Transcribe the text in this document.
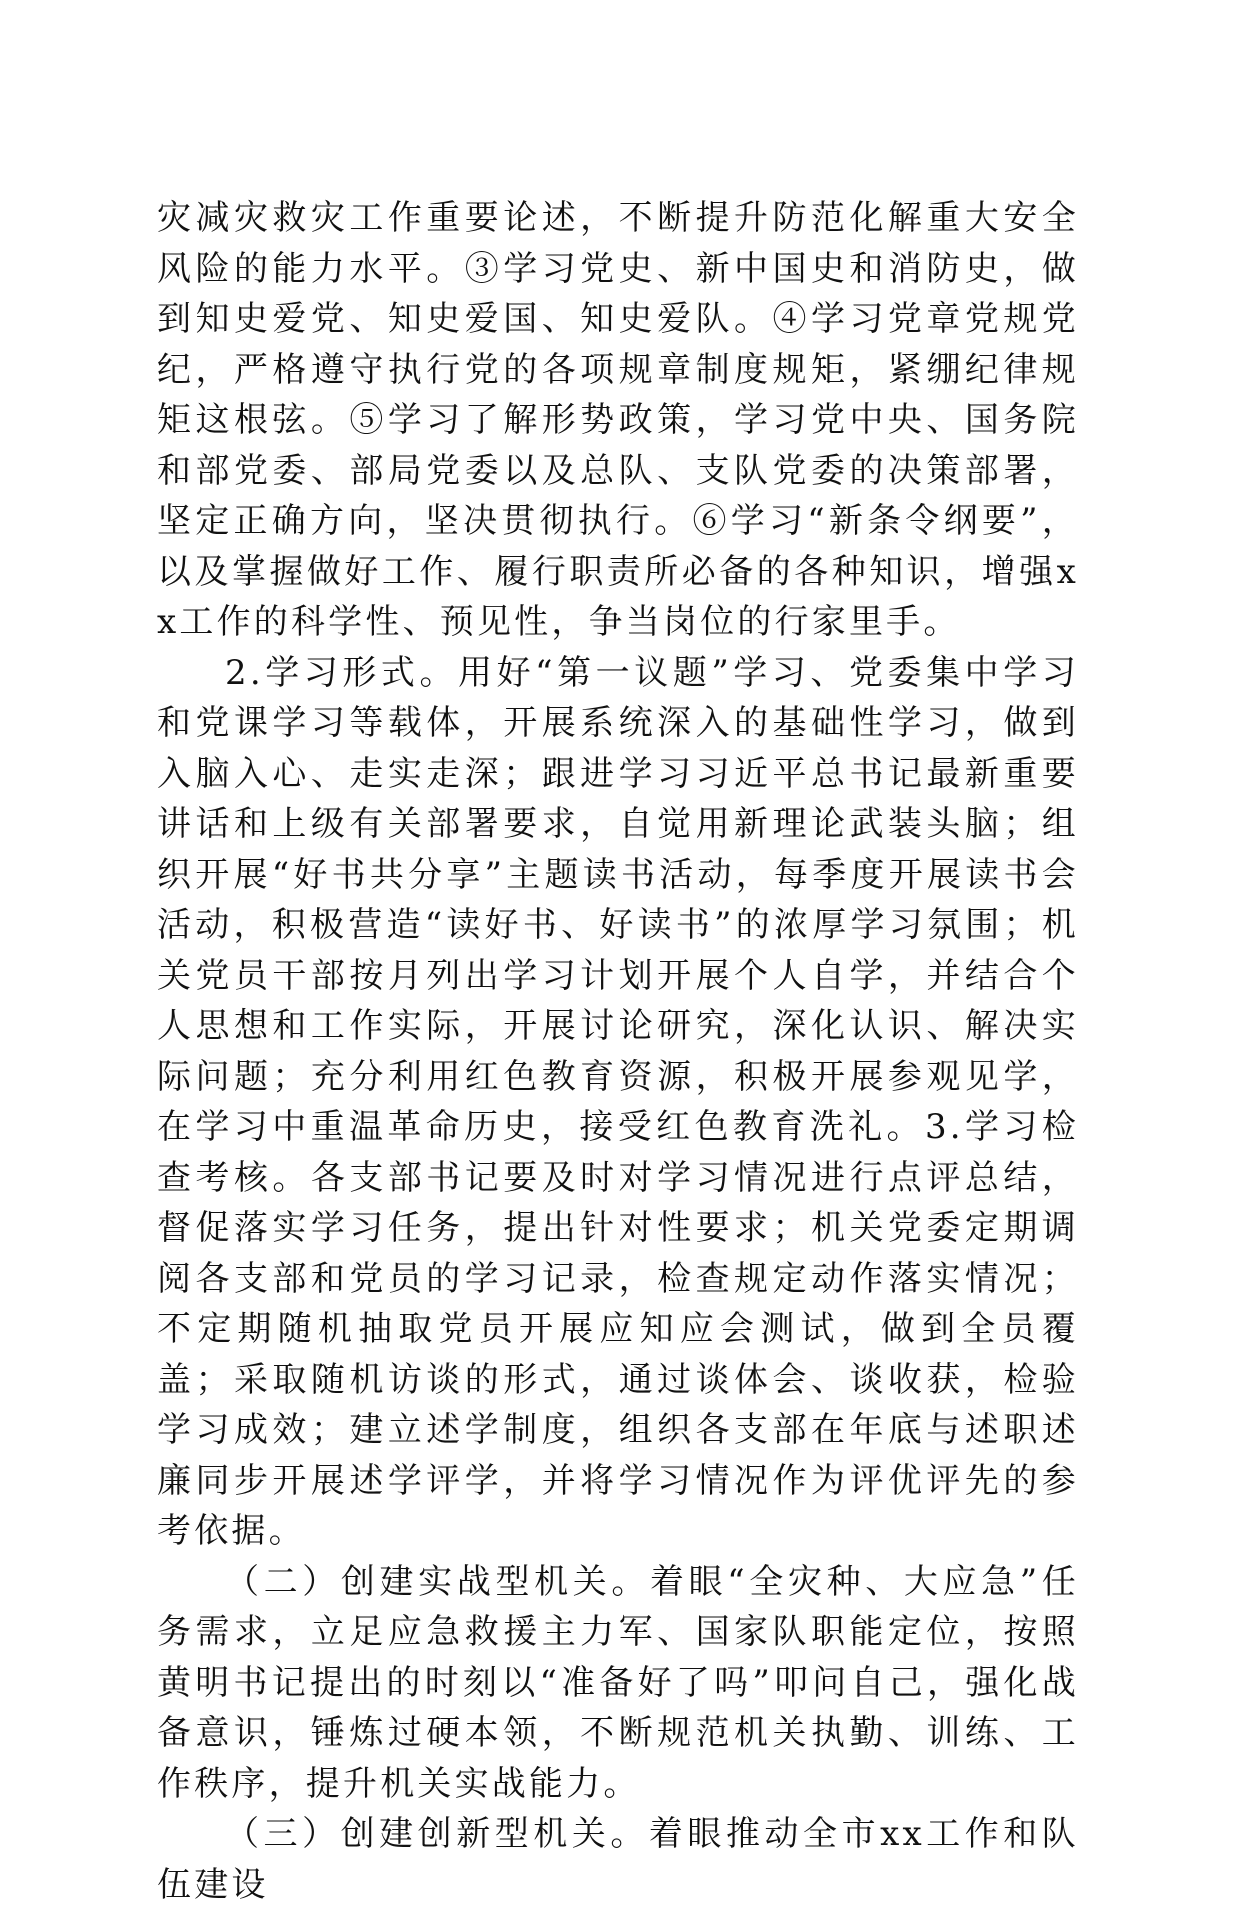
灾减灾救灾工作重要论述，不断提升防范化解重大安全风险的能力水平。③学习党史、新中国史和消防史，做到知史爱党、知史爱国、知史爱队。④学习党章党规党纪，严格遵守执行党的各项规章制度规矩，紧绷纪律规矩这根弦。⑤学习了解形势政策，学习党中央、国务院和部党委、部局党委以及总队、支队党委的决策部署，坚定正确方向，坚决贯彻执行。⑥学习“新条令纲要”，以及掌握做好工作、履行职责所必备的各种知识，增强xx工作的科学性、预见性，争当岗位的行家里手。

2.学习形式。用好“第一议题”学习、党委集中学习和党课学习等载体，开展系统深入的基础性学习，做到入脑入心、走实走深；跟进学习习近平总书记最新重要讲话和上级有关部署要求，自觉用新理论武装头脑；组织开展“好书共分享”主题读书活动，每季度开展读书会活动，积极营造“读好书、好读书”的浓厚学习氛围；机关党员干部按月列出学习计划开展个人自学，并结合个人思想和工作实际，开展讨论研究，深化认识、解决实际问题；充分利用红色教育资源，积极开展参观见学，在学习中重温革命历史，接受红色教育洗礼。3.学习检查考核。各支部书记要及时对学习情况进行点评总结，督促落实学习任务，提出针对性要求；机关党委定期调阅各支部和党员的学习记录，检查规定动作落实情况；不定期随机抽取党员开展应知应会测试，做到全员覆盖；采取随机访谈的形式，通过谈体会、谈收获，检验学习成效；建立述学制度，组织各支部在年底与述职述廉同步开展述学评学，并将学习情况作为评优评先的参考依据。

（二）创建实战型机关。着眼“全灾种、大应急”任务需求，立足应急救援主力军、国家队职能定位，按照黄明书记提出的时刻以“准备好了吗”叩问自己，强化战备意识，锤炼过硬本领，不断规范机关执勤、训练、工作秩序，提升机关实战能力。

（三）创建创新型机关。着眼推动全市xx工作和队伍建设
